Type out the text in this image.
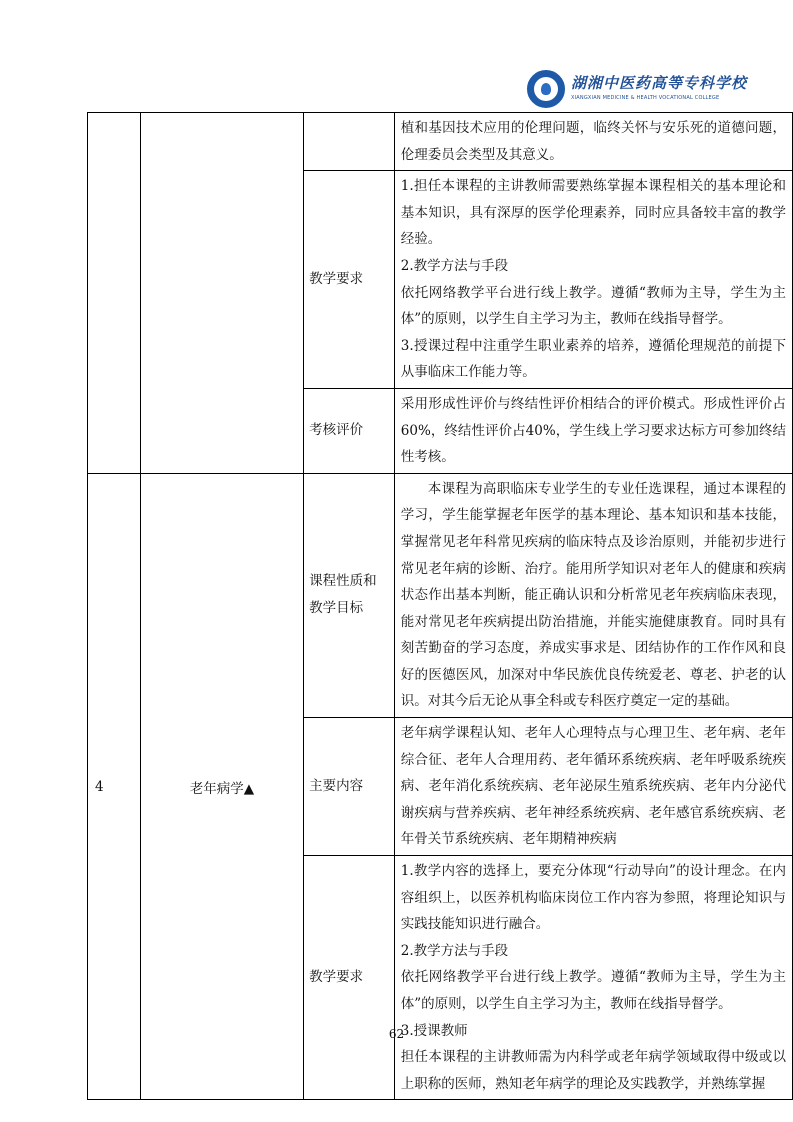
湖湘中医药高等专科学校
XIANGXIAN MEDICINE & HEALTH VOCATIONAL COLLEGE

			植和基因技术应用的伦理问题，临终关怀与安乐死的道德问题，伦理委员会类型及其意义。

		教学要求	1.担任本课程的主讲教师需要熟练掌握本课程相关的基本理论和基本知识，具有深厚的医学伦理素养，同时应具备较丰富的教学经验。
2.教学方法与手段
依托网络教学平台进行线上教学。遵循“教师为主导，学生为主体”的原则，以学生自主学习为主，教师在线指导督学。
3.授课过程中注重学生职业素养的培养，遵循伦理规范的前提下从事临床工作能力等。

		考核评价	采用形成性评价与终结性评价相结合的评价模式。形成性评价占60%，终结性评价占40%，学生线上学习要求达标方可参加终结性考核。

4	老年病学▲	课程性质和教学目标	本课程为高职临床专业学生的专业任选课程，通过本课程的学习，学生能掌握老年医学的基本理论、基本知识和基本技能，掌握常见老年科常见疾病的临床特点及诊治原则，并能初步进行常见老年病的诊断、治疗。能用所学知识对老年人的健康和疾病状态作出基本判断，能正确认识和分析常见老年疾病临床表现，能对常见老年疾病提出防治措施，并能实施健康教育。同时具有刻苦勤奋的学习态度，养成实事求是、团结协作的工作作风和良好的医德医风，加深对中华民族优良传统爱老、尊老、护老的认识。对其今后无论从事全科或专科医疗奠定一定的基础。

		主要内容	老年病学课程认知、老年人心理特点与心理卫生、老年病、老年综合征、老年人合理用药、老年循环系统疾病、老年呼吸系统疾病、老年消化系统疾病、老年泌尿生殖系统疾病、老年内分泌代谢疾病与营养疾病、老年神经系统疾病、老年感官系统疾病、老年骨关节系统疾病、老年期精神疾病

		教学要求	1.教学内容的选择上，要充分体现“行动导向”的设计理念。在内容组织上，以医养机构临床岗位工作内容为参照，将理论知识与实践技能知识进行融合。
2.教学方法与手段
依托网络教学平台进行线上教学。遵循“教师为主导，学生为主体”的原则，以学生自主学习为主，教师在线指导督学。
3.授课教师
担任本课程的主讲教师需为内科学或老年病学领域取得中级或以上职称的医师，熟知老年病学的理论及实践教学，并熟练掌握
62
